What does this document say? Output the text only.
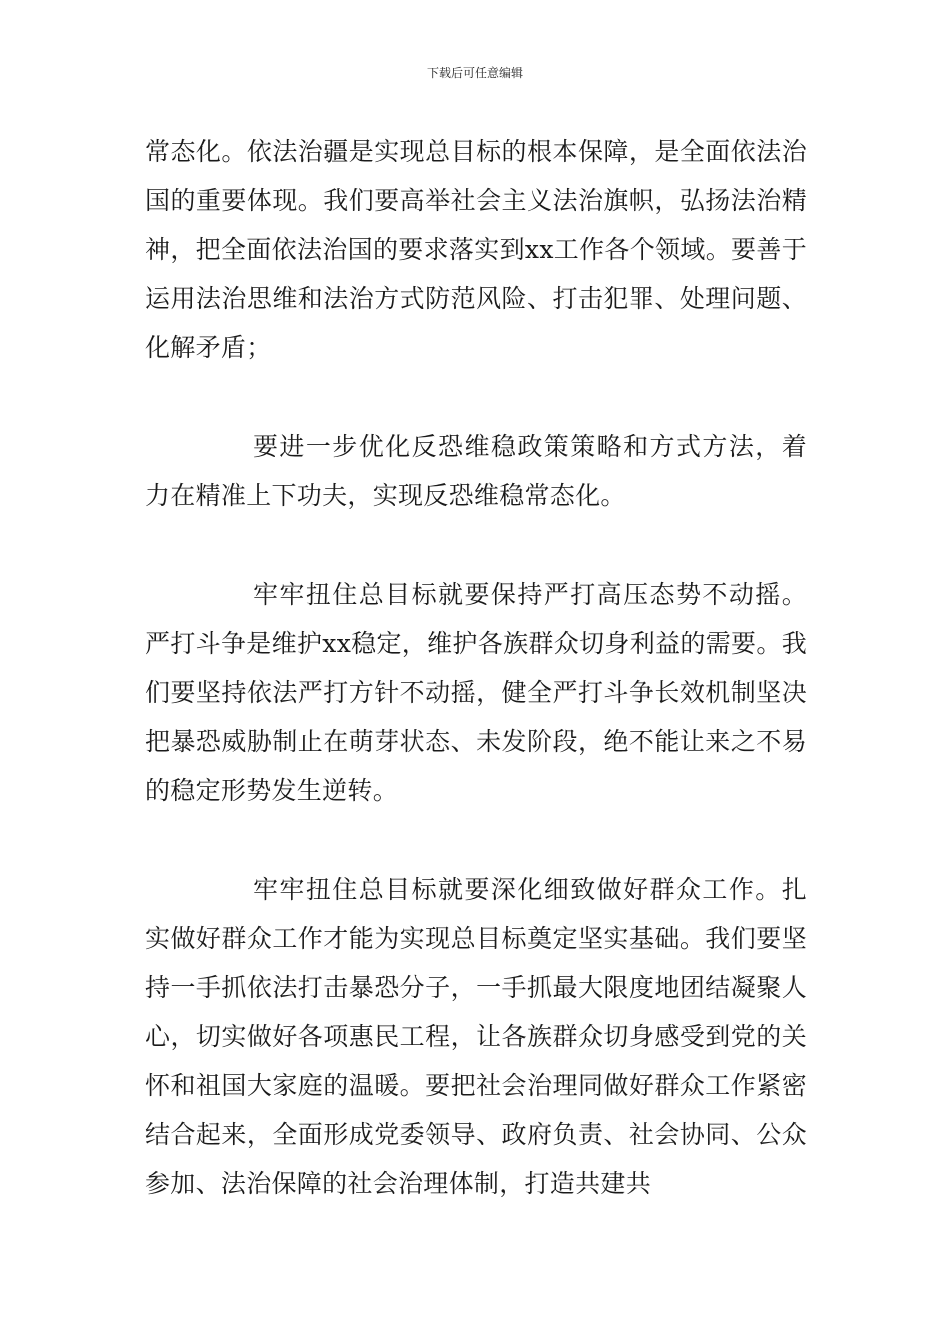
下载后可任意编辑

常态化。依法治疆是实现总目标的根本保障，是全面依法治国的重要体现。我们要高举社会主义法治旗帜，弘扬法治精神，把全面依法治国的要求落实到xx工作各个领域。要善于运用法治思维和法治方式防范风险、打击犯罪、处理问题、化解矛盾；

要进一步优化反恐维稳政策策略和方式方法，着力在精准上下功夫，实现反恐维稳常态化。

牢牢扭住总目标就要保持严打高压态势不动摇。严打斗争是维护xx稳定，维护各族群众切身利益的需要。我们要坚持依法严打方针不动摇，健全严打斗争长效机制坚决把暴恐威胁制止在萌芽状态、未发阶段，绝不能让来之不易的稳定形势发生逆转。

牢牢扭住总目标就要深化细致做好群众工作。扎实做好群众工作才能为实现总目标奠定坚实基础。我们要坚持一手抓依法打击暴恐分子，一手抓最大限度地团结凝聚人心，切实做好各项惠民工程，让各族群众切身感受到党的关怀和祖国大家庭的温暖。要把社会治理同做好群众工作紧密结合起来，全面形成党委领导、政府负责、社会协同、公众参加、法治保障的社会治理体制，打造共建共
